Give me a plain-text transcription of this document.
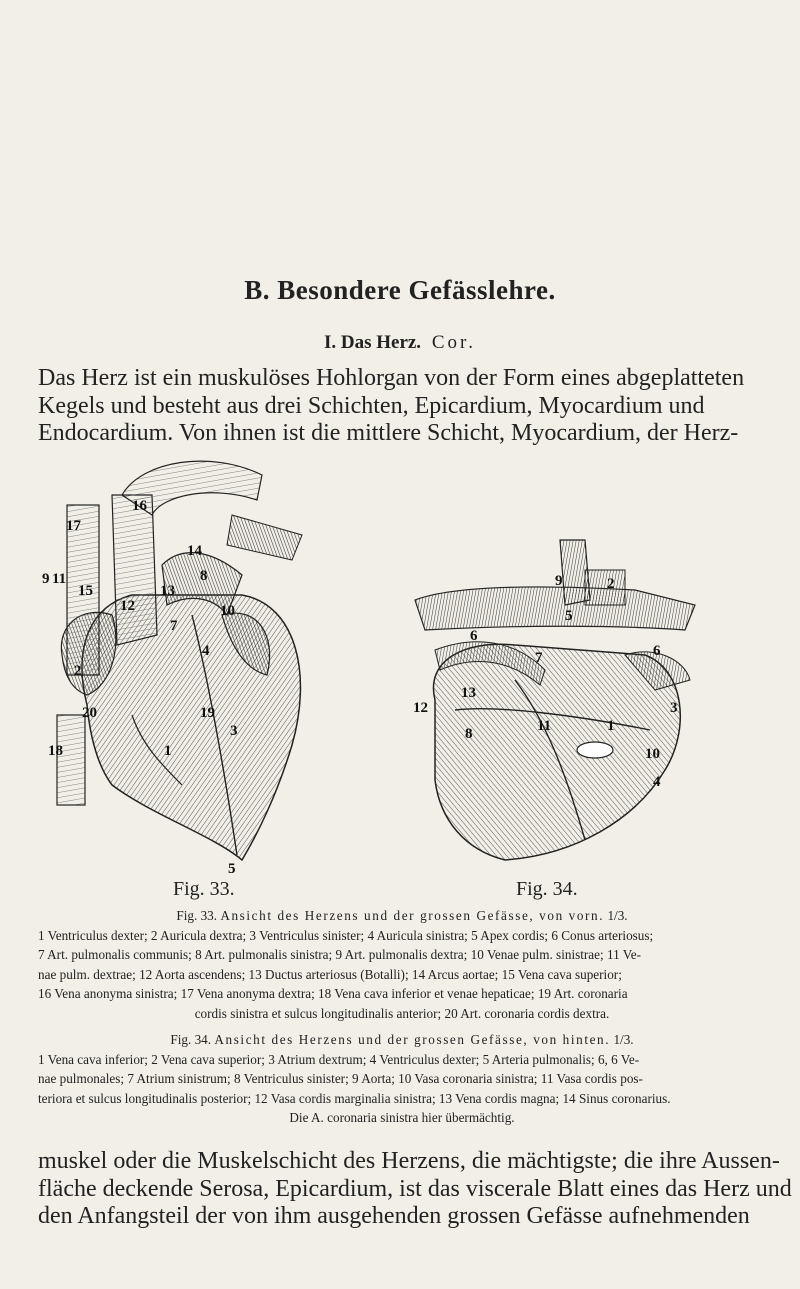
B. Besondere Gefässlehre.
I. Das Herz. Cor.
Das Herz ist ein muskulöses Hohlorgan von der Form eines abgeplatteten
Kegels und besteht aus drei Schichten, Epicardium, Myocardium und
Endocardium. Von ihnen ist die mittlere Schicht, Myocardium, der Herz-
16
17
9 11
15
12
14
13
8
10
7
4
2
20	19
3
1
18
5
9	2
5
6
7	6
12
13
8	11	1
3
10
4
Fig. 33.	Fig. 34.
Fig. 33. Ansicht des Herzens und der grossen Gefässe, von vorn. 1/3.
1 Ventriculus dexter; 2 Auricula dextra; 3 Ventriculus sinister; 4 Auricula sinistra; 5 Apex cordis; 6 Conus arteriosus;
7 Art. pulmonalis communis; 8 Art. pulmonalis sinistra; 9 Art. pulmonalis dextra; 10 Venae pulm. sinistrae; 11 Ve-
nae pulm. dextrae; 12 Aorta ascendens; 13 Ductus arteriosus (Botalli); 14 Arcus aortae; 15 Vena cava superior;
16 Vena anonyma sinistra; 17 Vena anonyma dextra; 18 Vena cava inferior et venae hepaticae; 19 Art. coronaria
cordis sinistra et sulcus longitudinalis anterior; 20 Art. coronaria cordis dextra.
Fig. 34. Ansicht des Herzens und der grossen Gefässe, von hinten. 1/3.
1 Vena cava inferior; 2 Vena cava superior; 3 Atrium dextrum; 4 Ventriculus dexter; 5 Arteria pulmonalis; 6, 6 Ve-
nae pulmonales; 7 Atrium sinistrum; 8 Ventriculus sinister; 9 Aorta; 10 Vasa coronaria sinistra; 11 Vasa cordis pos-
teriora et sulcus longitudinalis posterior; 12 Vasa cordis marginalia sinistra; 13 Vena cordis magna; 14 Sinus coronarius.
Die A. coronaria sinistra hier übermächtig.
muskel oder die Muskelschicht des Herzens, die mächtigste; die ihre Aussen-
fläche deckende Serosa, Epicardium, ist das viscerale Blatt eines das Herz und
den Anfangsteil der von ihm ausgehenden grossen Gefässe aufnehmenden
